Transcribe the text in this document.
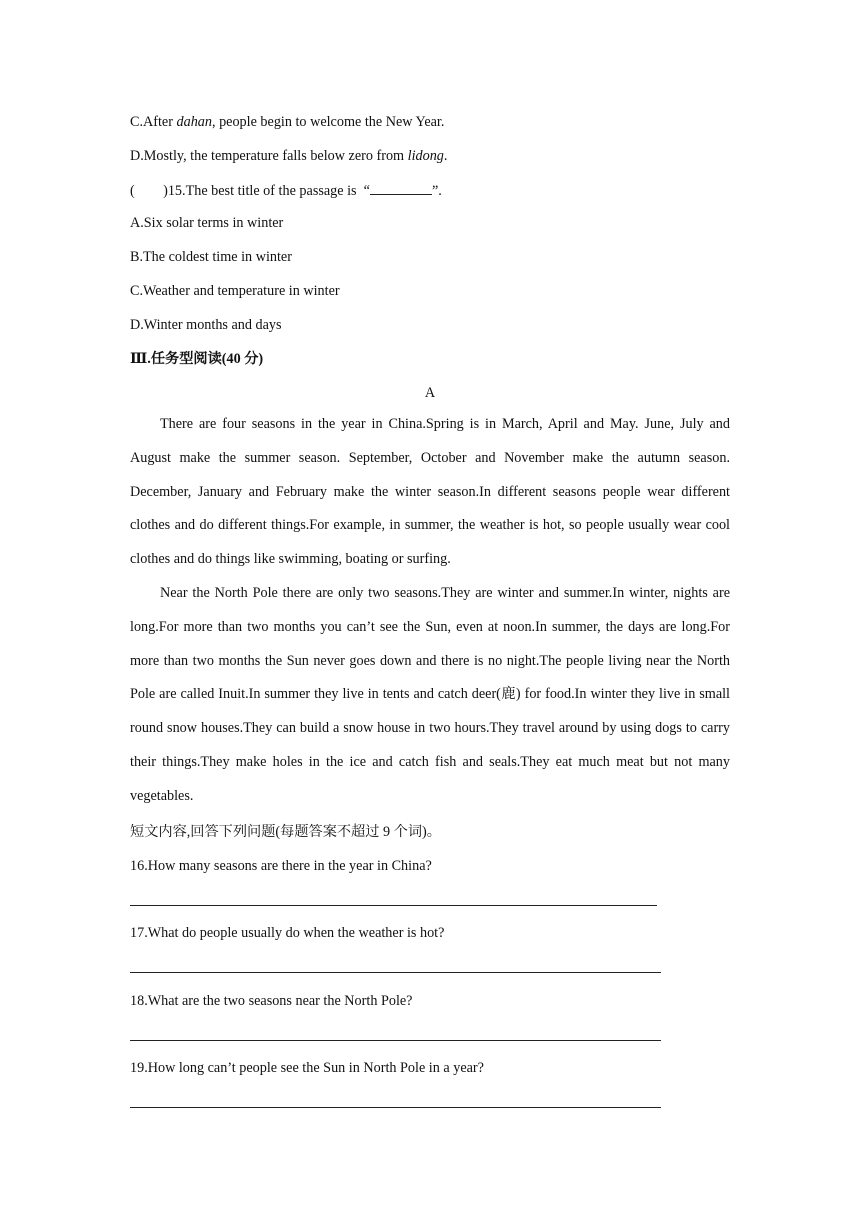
C.After dahan, people begin to welcome the New Year.
D.Mostly, the temperature falls below zero from lidong.
(        )15.The best title of the passage is  “	”.
A.Six solar terms in winter
B.The coldest time in winter
C.Weather and temperature in winter
D.Winter months and days
Ⅲ.任务型阅读(40 分)
A

There are four seasons in the year in China.Spring is in March, April and May. June, July and August make the summer season. September, October and November make the autumn season. December, January and February make the winter season.In different seasons people wear different clothes and do different things.For example, in summer, the weather is hot, so people usually wear cool clothes and do things like swimming, boating or surfing.

Near the North Pole there are only two seasons.They are winter and summer.In winter, nights are long.For more than two months you can’t see the Sun, even at noon.In summer, the days are long.For more than two months the Sun never goes down and there is no night.The people living near the North Pole are called Inuit.In summer they live in tents and catch deer(鹿) for food.In winter they live in small round snow houses.They can build a snow house in two hours.They travel around by using dogs to carry their things.They make holes in the ice and catch fish and seals.They eat much meat but not many vegetables.

短文内容,回答下列问题(每题答案不超过 9 个词)。
16.How many seasons are there in the year in China?
17.What do people usually do when the weather is hot?
18.What are the two seasons near the North Pole?
19.How long can’t people see the Sun in North Pole in a year?
